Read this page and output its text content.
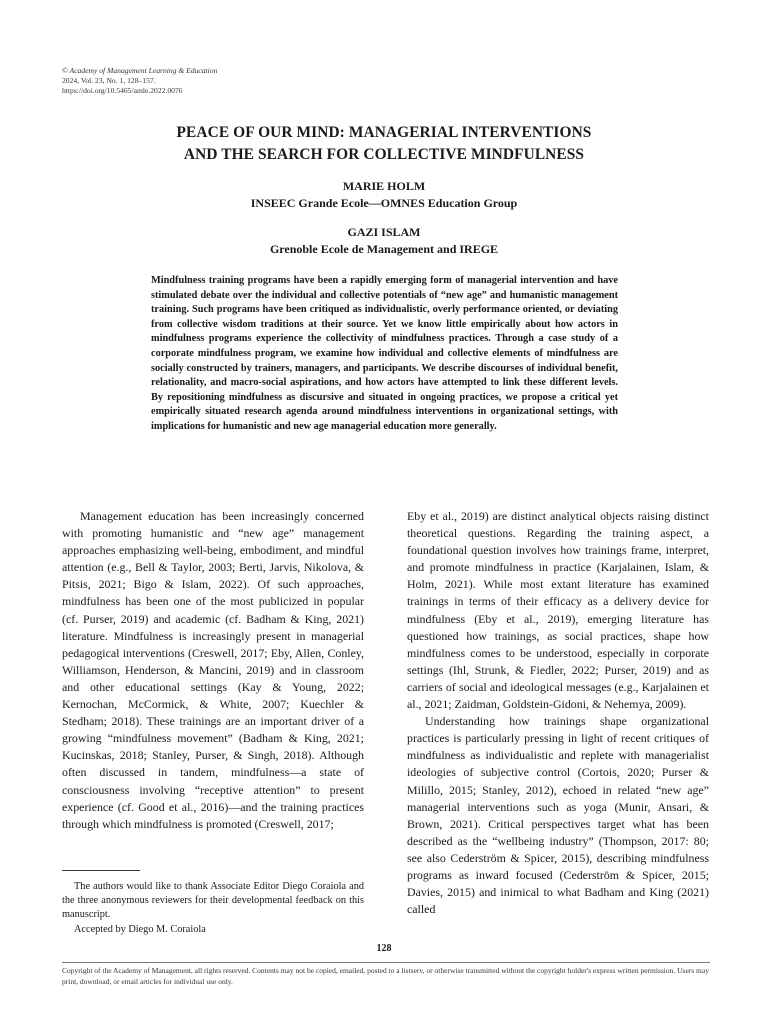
© Academy of Management Learning & Education
2024, Vol. 23, No. 1, 128–157.
https://doi.org/10.5465/amle.2022.0076
PEACE OF OUR MIND: MANAGERIAL INTERVENTIONS
AND THE SEARCH FOR COLLECTIVE MINDFULNESS
MARIE HOLM
INSEEC Grande Ecole—OMNES Education Group
GAZI ISLAM
Grenoble Ecole de Management and IREGE
Mindfulness training programs have been a rapidly emerging form of managerial intervention and have stimulated debate over the individual and collective potentials of “new age” and humanistic management training. Such programs have been critiqued as individualistic, overly performance oriented, or deviating from collective wisdom traditions at their source. Yet we know little empirically about how actors in mindfulness programs experience the collectivity of mindfulness practices. Through a case study of a corporate mindfulness program, we examine how individual and collective elements of mindfulness are socially constructed by trainers, managers, and participants. We describe discourses of individual benefit, relationality, and macro-social aspirations, and how actors have attempted to link these different levels. By repositioning mindfulness as discursive and situated in ongoing practices, we propose a critical yet empirically situated research agenda around mindfulness interventions in organizational settings, with implications for humanistic and new age managerial education more generally.

Management education has been increasingly concerned with promoting humanistic and “new age” management approaches emphasizing well-being, embodiment, and mindful attention (e.g., Bell & Taylor, 2003; Berti, Jarvis, Nikolova, & Pitsis, 2021; Bigo & Islam, 2022). Of such approaches, mindfulness has been one of the most publicized in popular (cf. Purser, 2019) and academic (cf. Badham & King, 2021) literature. Mindfulness is increasingly present in managerial pedagogical interventions (Creswell, 2017; Eby, Allen, Conley, Williamson, Henderson, & Mancini, 2019) and in classroom and other educational settings (Kay & Young, 2022; Kernochan, McCormick, & White, 2007; Kuechler & Stedham; 2018). These trainings are an important driver of a growing “mindfulness movement” (Badham & King, 2021; Kucinskas, 2018; Stanley, Purser, & Singh, 2018). Although often discussed in tandem, mindfulness—a state of consciousness involving “receptive attention” to present experience (cf. Good et al., 2016)—and the training practices through which mindfulness is promoted (Creswell, 2017;

Eby et al., 2019) are distinct analytical objects raising distinct theoretical questions. Regarding the training aspect, a foundational question involves how trainings frame, interpret, and promote mindfulness in practice (Karjalainen, Islam, & Holm, 2021). While most extant literature has examined trainings in terms of their efficacy as a delivery device for mindfulness (Eby et al., 2019), emerging literature has questioned how trainings, as social practices, shape how mindfulness comes to be understood, especially in corporate settings (Ihl, Strunk, & Fiedler, 2022; Purser, 2019) and as carriers of social and ideological messages (e.g., Karjalainen et al., 2021; Zaidman, Goldstein-Gidoni, & Nehemya, 2009).

Understanding how trainings shape organizational practices is particularly pressing in light of recent critiques of mindfulness as individualistic and replete with managerialist ideologies of subjective control (Cortois, 2020; Purser & Milillo, 2015; Stanley, 2012), echoed in related “new age” managerial interventions such as yoga (Munir, Ansari, & Brown, 2021). Critical perspectives target what has been described as the “wellbeing industry” (Thompson, 2017: 80; see also Cederström & Spicer, 2015), describing mindfulness programs as inward focused (Cederström & Spicer, 2015; Davies, 2015) and inimical to what Badham and King (2021) called

The authors would like to thank Associate Editor Diego Coraiola and the three anonymous reviewers for their developmental feedback on this manuscript.

Accepted by Diego M. Coraiola

128
Copyright of the Academy of Management, all rights reserved. Contents may not be copied, emailed, posted to a listserv, or otherwise transmitted without the copyright holder's express written permission. Users may print, download, or email articles for individual use only.
